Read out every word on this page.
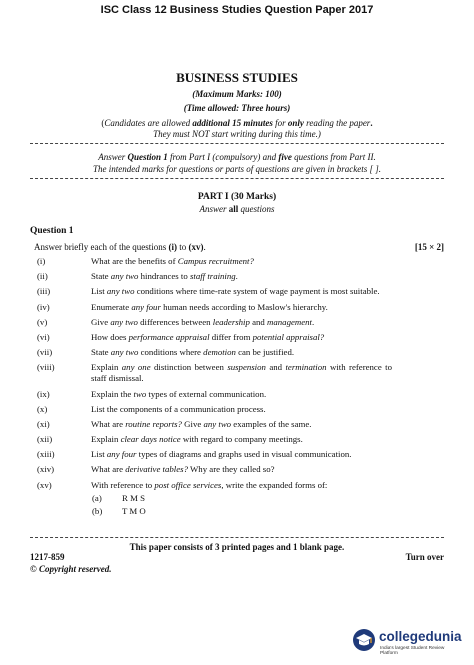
ISC Class 12 Business Studies Question Paper 2017
BUSINESS STUDIES
(Maximum Marks: 100)
(Time allowed: Three hours)
(Candidates are allowed additional 15 minutes for only reading the paper.
They must NOT start writing during this time.)
Answer Question 1 from Part I (compulsory) and five questions from Part II.
The intended marks for questions or parts of questions are given in brackets [ ].
PART I (30 Marks)
Answer all questions
Question 1
Answer briefly each of the questions (i) to (xv).	[15 × 2]
(i)	What are the benefits of Campus recruitment?
(ii)	State any two hindrances to staff training.
(iii)	List any two conditions where time-rate system of wage payment is most suitable.
(iv)	Enumerate any four human needs according to Maslow's hierarchy.
(v)	Give any two differences between leadership and management.
(vi)	How does performance appraisal differ from potential appraisal?
(vii)	State any two conditions where demotion can be justified.
(viii)	Explain any one distinction between suspension and termination with reference to staff dismissal.
(ix)	Explain the two types of external communication.
(x)	List the components of a communication process.
(xi)	What are routine reports? Give any two examples of the same.
(xii)	Explain clear days notice with regard to company meetings.
(xiii)	List any four types of diagrams and graphs used in visual communication.
(xiv)	What are derivative tables? Why are they called so?
(xv)	With reference to post office services, write the expanded forms of:
(a)	R M S
(b)	T M O
This paper consists of 3 printed pages and 1 blank page.
1217-859	Turn over
© Copyright reserved.
collegedunia
India's largest Student Review Platform
